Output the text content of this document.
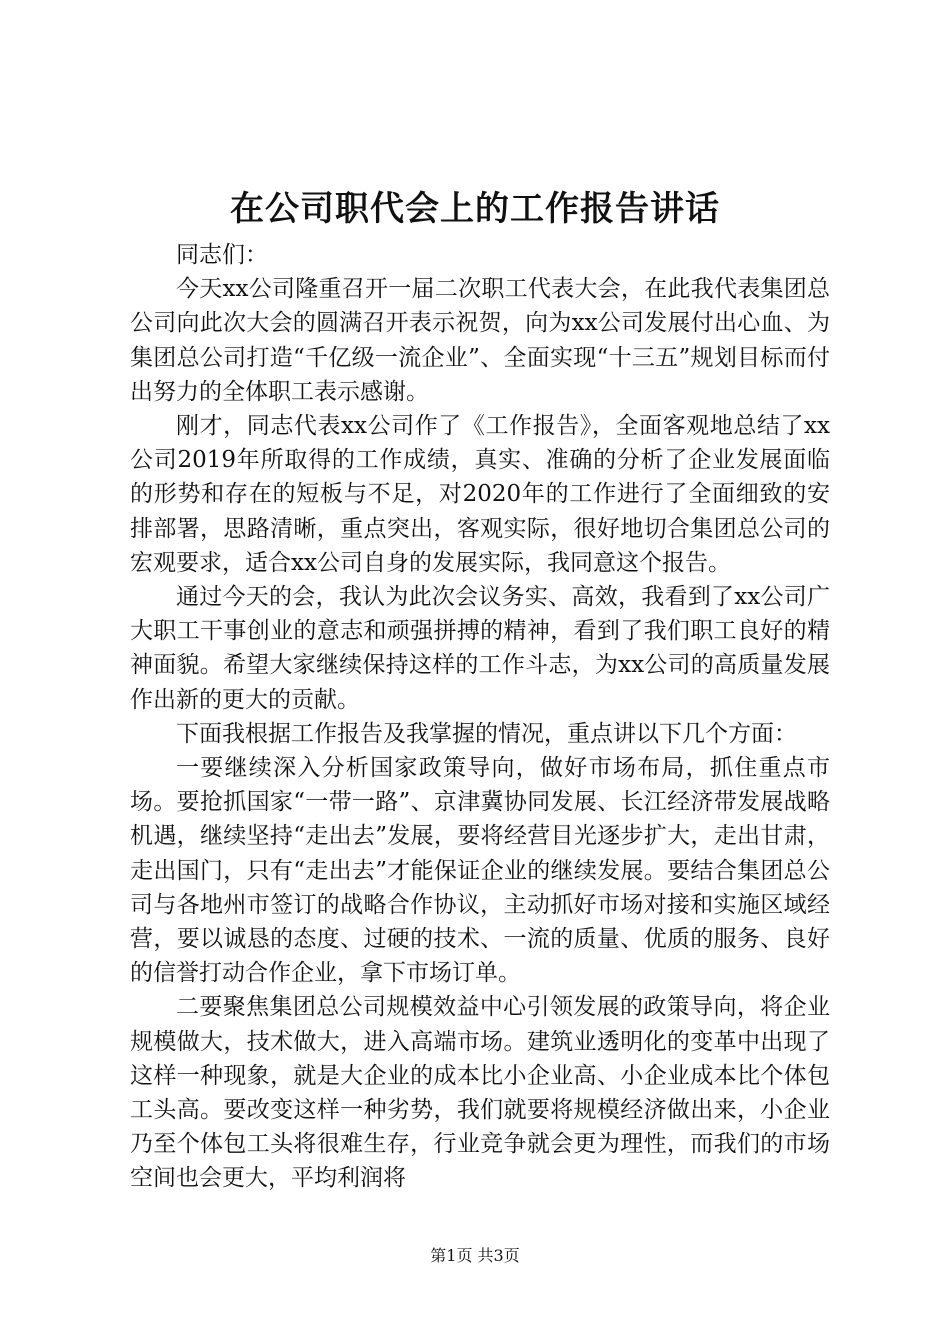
在公司职代会上的工作报告讲话

同志们：

今天xx公司隆重召开一届二次职工代表大会，在此我代表集团总公司向此次大会的圆满召开表示祝贺，向为xx公司发展付出心血、为集团总公司打造“千亿级一流企业”、全面实现“十三五”规划目标而付出努力的全体职工表示感谢。

刚才，同志代表xx公司作了《工作报告》，全面客观地总结了xx公司2019年所取得的工作成绩，真实、准确的分析了企业发展面临的形势和存在的短板与不足，对2020年的工作进行了全面细致的安排部署，思路清晰，重点突出，客观实际，很好地切合集团总公司的宏观要求，适合xx公司自身的发展实际，我同意这个报告。

通过今天的会，我认为此次会议务实、高效，我看到了xx公司广大职工干事创业的意志和顽强拼搏的精神，看到了我们职工良好的精神面貌。希望大家继续保持这样的工作斗志，为xx公司的高质量发展作出新的更大的贡献。

下面我根据工作报告及我掌握的情况，重点讲以下几个方面：

一要继续深入分析国家政策导向，做好市场布局，抓住重点市场。要抢抓国家“一带一路”、京津冀协同发展、长江经济带发展战略机遇，继续坚持“走出去”发展，要将经营目光逐步扩大，走出甘肃，走出国门，只有“走出去”才能保证企业的继续发展。要结合集团总公司与各地州市签订的战略合作协议，主动抓好市场对接和实施区域经营，要以诚恳的态度、过硬的技术、一流的质量、优质的服务、良好的信誉打动合作企业，拿下市场订单。

二要聚焦集团总公司规模效益中心引领发展的政策导向，将企业规模做大，技术做大，进入高端市场。建筑业透明化的变革中出现了这样一种现象，就是大企业的成本比小企业高、小企业成本比个体包工头高。要改变这样一种劣势，我们就要将规模经济做出来，小企业乃至个体包工头将很难生存，行业竞争就会更为理性，而我们的市场空间也会更大，平均利润将

第1页 共3页
